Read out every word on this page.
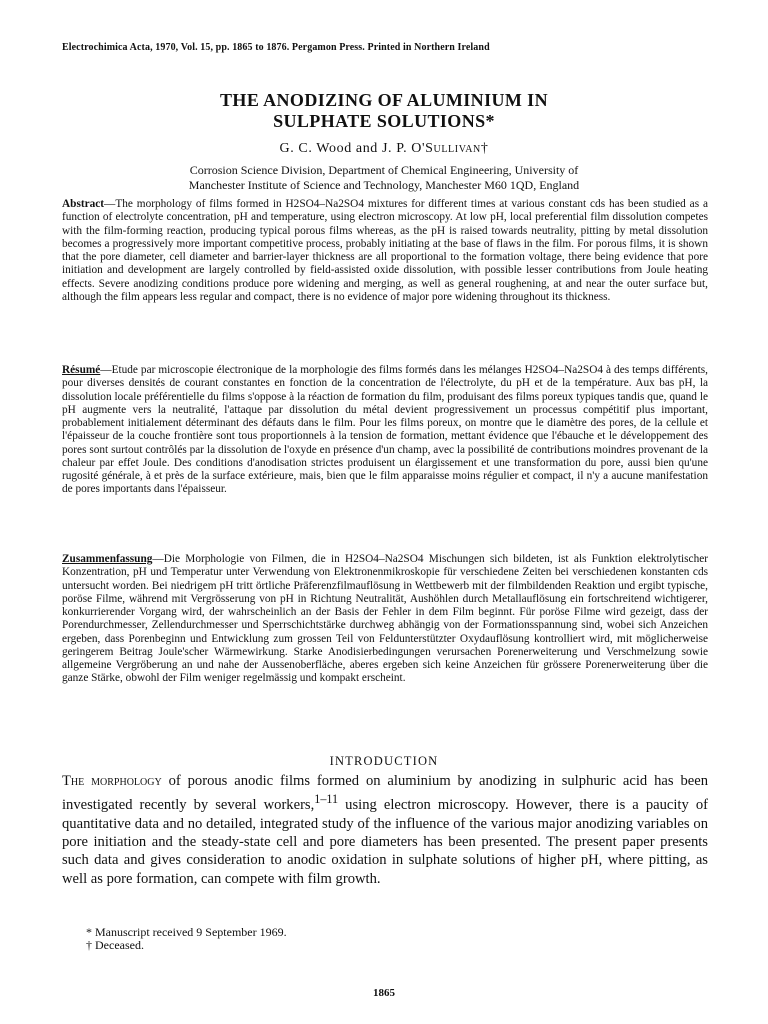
Electrochimica Acta, 1970, Vol. 15, pp. 1865 to 1876. Pergamon Press. Printed in Northern Ireland
THE ANODIZING OF ALUMINIUM IN
SULPHATE SOLUTIONS*
G. C. Wood and J. P. O'Sullivan†
Corrosion Science Division, Department of Chemical Engineering, University of
Manchester Institute of Science and Technology, Manchester M60 1QD, England
Abstract—The morphology of films formed in H2SO4–Na2SO4 mixtures for different times at various constant cds has been studied as a function of electrolyte concentration, pH and temperature, using electron microscopy. At low pH, local preferential film dissolution competes with the film-forming reaction, producing typical porous films whereas, as the pH is raised towards neutrality, pitting by metal dissolution becomes a progressively more important competitive process, probably initiating at the base of flaws in the film. For porous films, it is shown that the pore diameter, cell diameter and barrier-layer thickness are all proportional to the formation voltage, there being evidence that pore initiation and development are largely controlled by field-assisted oxide dissolution, with possible lesser contributions from Joule heating effects. Severe anodizing conditions produce pore widening and merging, as well as general roughening, at and near the outer surface but, although the film appears less regular and compact, there is no evidence of major pore widening throughout its thickness.
Résumé—Etude par microscopie électronique de la morphologie des films formés dans les mélanges H2SO4–Na2SO4 à des temps différents, pour diverses densités de courant constantes en fonction de la concentration de l'électrolyte, du pH et de la température. Aux bas pH, la dissolution locale préférentielle du films s'oppose à la réaction de formation du film, produisant des films poreux typiques tandis que, quand le pH augmente vers la neutralité, l'attaque par dissolution du métal devient progressivement un processus compétitif plus important, probablement initialement déterminant des défauts dans le film. Pour les films poreux, on montre que le diamètre des pores, de la cellule et l'épaisseur de la couche frontière sont tous proportionnels à la tension de formation, mettant évidence que l'ébauche et le développement des pores sont surtout contrôlés par la dissolution de l'oxyde en présence d'un champ, avec la possibilité de contributions moindres provenant de la chaleur par effet Joule. Des conditions d'anodisation strictes produisent un élargissement et une transformation du pore, aussi bien qu'une rugosité générale, à et près de la surface extérieure, mais, bien que le film apparaisse moins régulier et compact, il n'y a aucune manifestation de pores importants dans l'épaisseur.
Zusammenfassung—Die Morphologie von Filmen, die in H2SO4–Na2SO4 Mischungen sich bildeten, ist als Funktion elektrolytischer Konzentration, pH und Temperatur unter Verwendung von Elektronenmikroskopie für verschiedene Zeiten bei verschiedenen konstanten cds untersucht worden. Bei niedrigem pH tritt örtliche Präferenzfilmauflösung in Wettbewerb mit der filmbildenden Reaktion und ergibt typische, poröse Filme, während mit Vergrösserung von pH in Richtung Neutralität, Aushöhlen durch Metallauflösung ein fortschreitend wichtigerer, konkurrierender Vorgang wird, der wahrscheinlich an der Basis der Fehler in dem Film beginnt. Für poröse Filme wird gezeigt, dass der Porendurchmesser, Zellendurchmesser und Sperrschichtstärke durchweg abhängig von der Formationsspannung sind, wobei sich Anzeichen ergeben, dass Porenbeginn und Entwicklung zum grossen Teil von Feldunterstützter Oxydauflösung kontrolliert wird, mit möglicherweise geringerem Beitrag Joule'scher Wärmewirkung. Starke Anodisierbedingungen verursachen Porenerweiterung und Verschmelzung sowie allgemeine Vergröberung an und nahe der Aussenoberfläche, aberes ergeben sich keine Anzeichen für grössere Porenerweiterung über die ganze Stärke, obwohl der Film weniger regelmässig und kompakt erscheint.
INTRODUCTION
The morphology of porous anodic films formed on aluminium by anodizing in sulphuric acid has been investigated recently by several workers,$^{1-11}$ using electron microscopy. However, there is a paucity of quantitative data and no detailed, integrated study of the influence of the various major anodizing variables on pore initiation and the steady-state cell and pore diameters has been presented. The present paper presents such data and gives consideration to anodic oxidation in sulphate solutions of higher pH, where pitting, as well as pore formation, can compete with film growth.
* Manuscript received 9 September 1969.
† Deceased.
1865
